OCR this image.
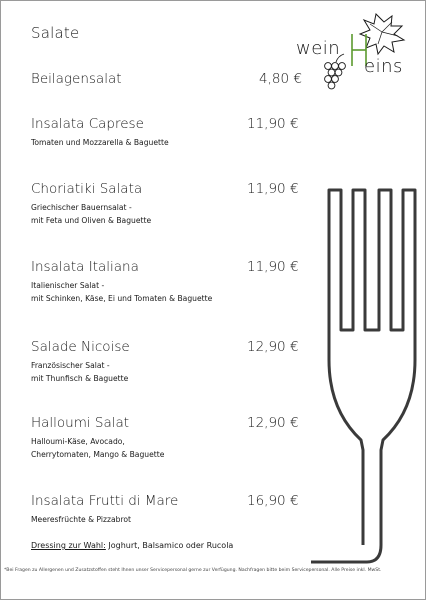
Salate
wein
eins
Beilagensalat	4,80 €
Insalata Caprese	11,90 €
Tomaten und Mozzarella & Baguette
Choriatiki Salata	11,90 €
Griechischer Bauernsalat -
mit Feta und Oliven & Baguette
Insalata Italiana	11,90 €
Italienischer Salat -
mit Schinken, Käse, Ei und Tomaten & Baguette
Salade Nicoise	12,90 €
Französischer Salat -
mit Thunfisch & Baguette
Halloumi Salat	12,90 €
Halloumi-Käse, Avocado,
Cherrytomaten, Mango & Baguette
Insalata Frutti di Mare	16,90 €
Meeresfrüchte & Pizzabrot
Dressing zur Wahl: Joghurt, Balsamico oder Rucola
*Bei Fragen zu Allergenen und Zusatzstoffen steht Ihnen unser Servicepersonal gerne zur Verfügung. Nachfragen bitte beim Servicepersonal. Alle Preise inkl. MwSt.
